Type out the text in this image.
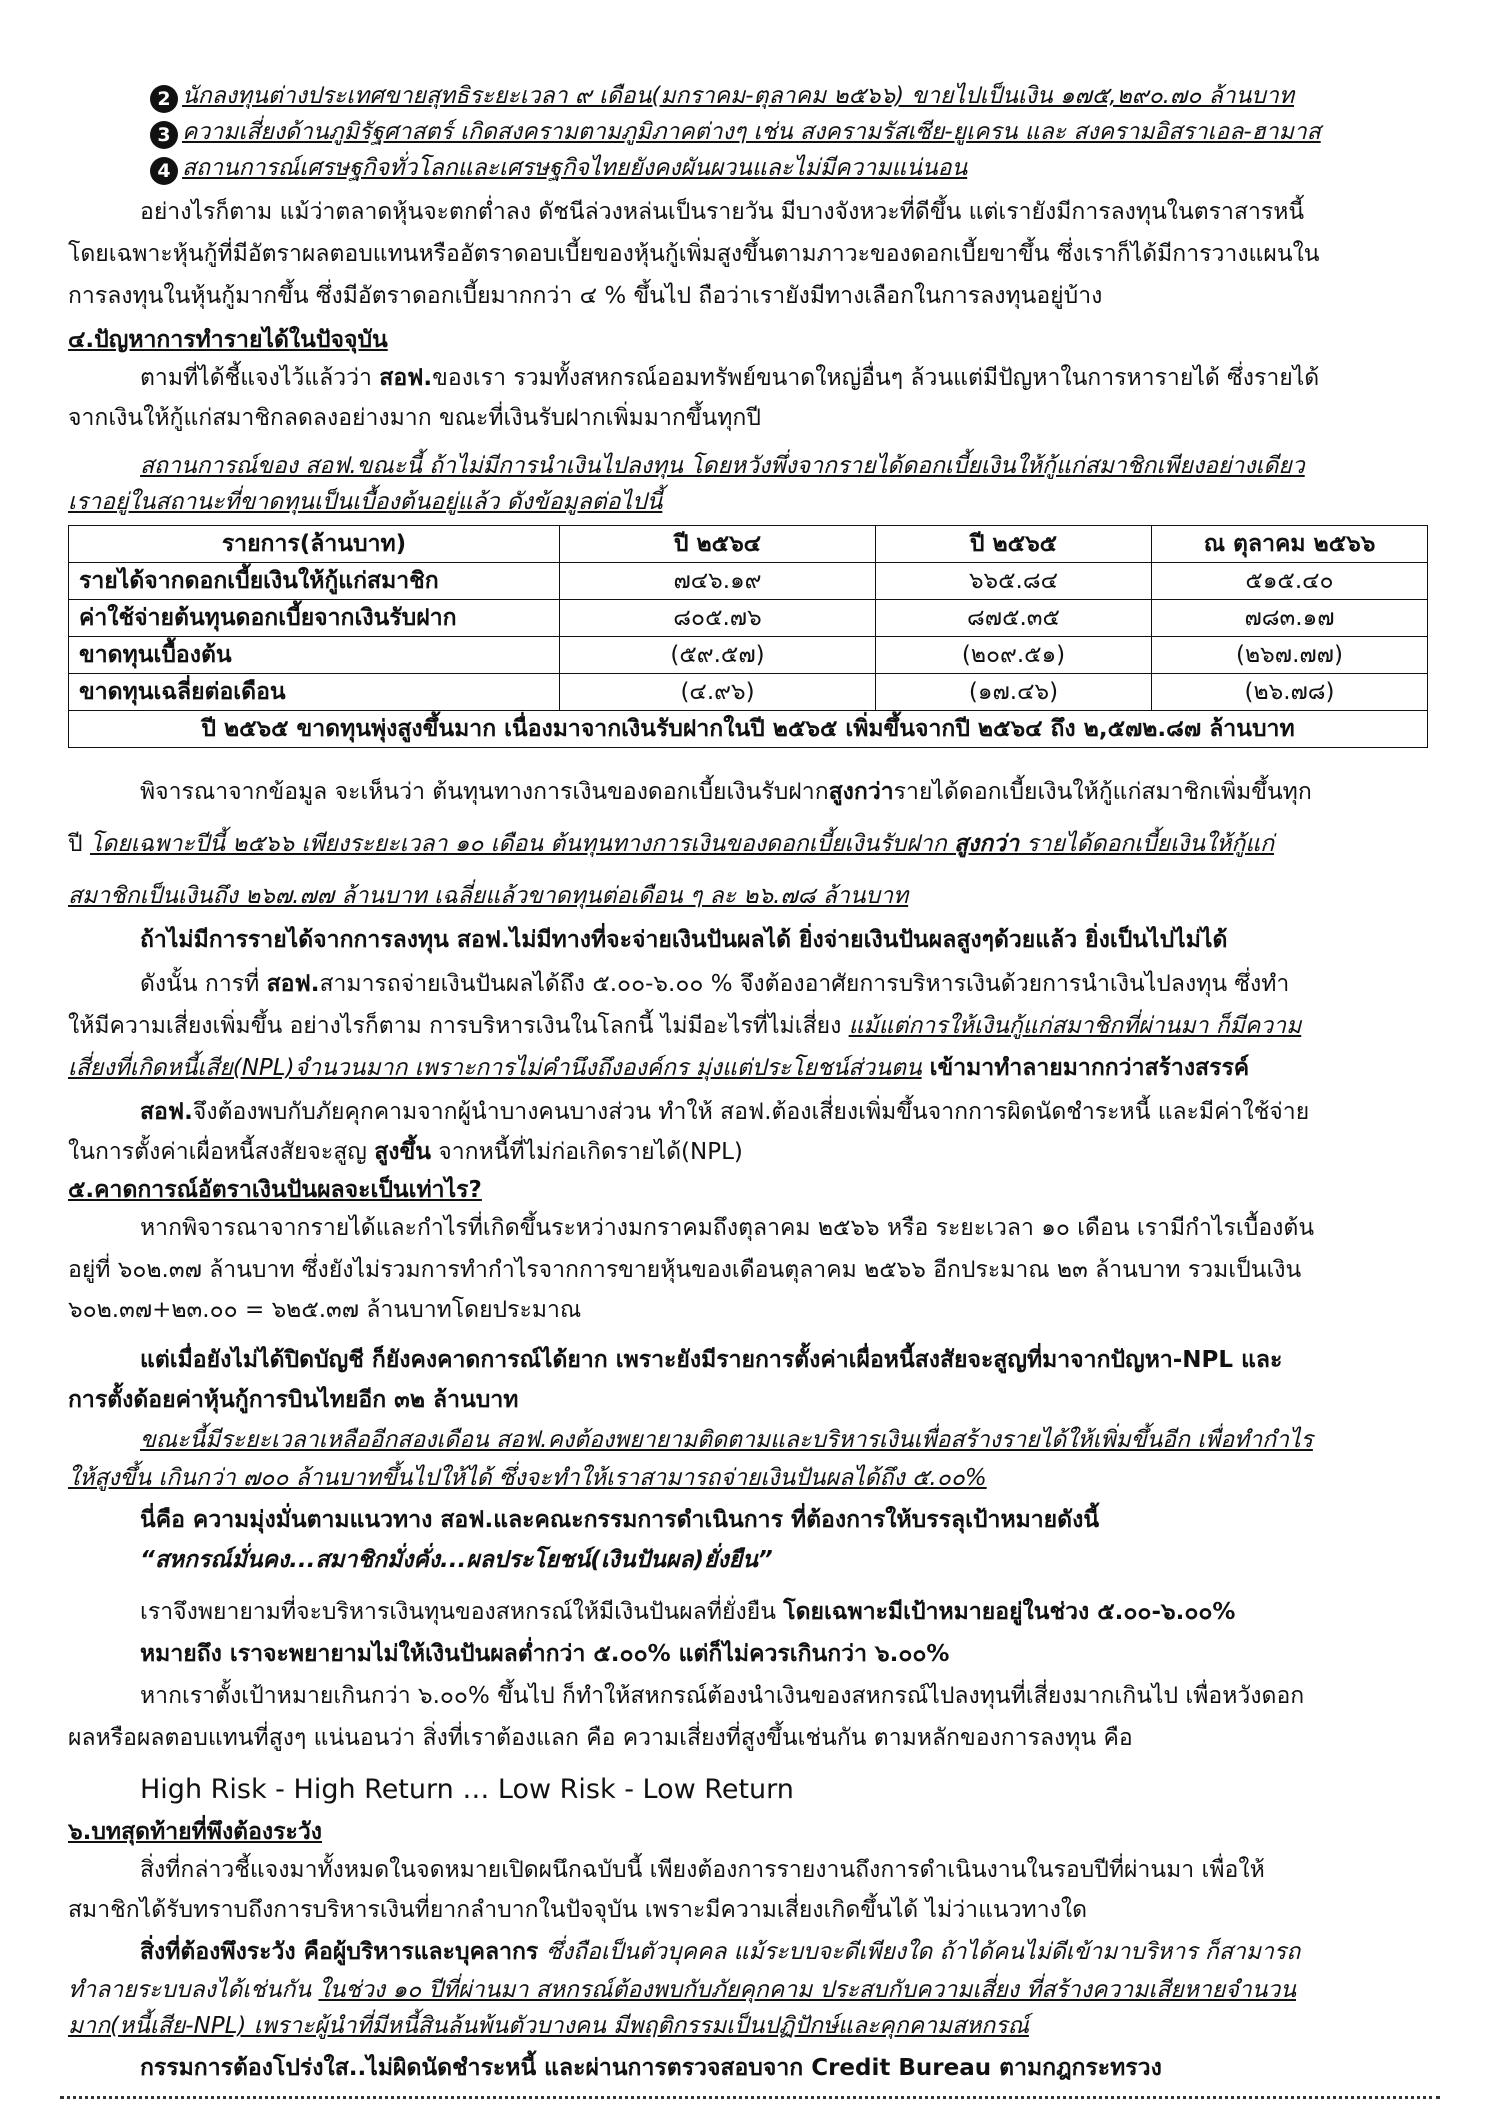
2 นักลงทุนต่างประเทศขายสุทธิระยะเวลา ๙ เดือน(มกราคม-ตุลาคม ๒๕๖๖) ขายไปเป็นเงิน ๑๗๕,๒๙๐.๗๐ ล้านบาท
3 ความเสี่ยงด้านภูมิรัฐศาสตร์ เกิดสงครามตามภูมิภาคต่างๆ เช่น สงครามรัสเซีย-ยูเครน และ สงครามอิสราเอล-ฮามาส
4 สถานการณ์เศรษฐกิจทั่วโลกและเศรษฐกิจไทยยังคงผันผวนและไม่มีความแน่นอน
อย่างไรก็ตาม แม้ว่าตลาดหุ้นจะตกต่ำลง ดัชนีล่วงหล่นเป็นรายวัน มีบางจังหวะที่ดีขึ้น แต่เรายังมีการลงทุนในตราสารหนี้
โดยเฉพาะหุ้นกู้ที่มีอัตราผลตอบแทนหรืออัตราดอบเบี้ยของหุ้นกู้เพิ่มสูงขึ้นตามภาวะของดอกเบี้ยขาขึ้น ซึ่งเราก็ได้มีการวางแผนใน
การลงทุนในหุ้นกู้มากขึ้น ซึ่งมีอัตราดอกเบี้ยมากกว่า ๔ % ขึ้นไป ถือว่าเรายังมีทางเลือกในการลงทุนอยู่บ้าง
๔.ปัญหาการทำรายได้ในปัจจุบัน
ตามที่ได้ชี้แจงไว้แล้วว่า สอฟ.ของเรา รวมทั้งสหกรณ์ออมทรัพย์ขนาดใหญ่อื่นๆ ล้วนแต่มีปัญหาในการหารายได้ ซึ่งรายได้
จากเงินให้กู้แก่สมาชิกลดลงอย่างมาก ขณะที่เงินรับฝากเพิ่มมากขึ้นทุกปี
สถานการณ์ของ สอฟ.ขณะนี้ ถ้าไม่มีการนำเงินไปลงทุน โดยหวังพึ่งจากรายได้ดอกเบี้ยเงินให้กู้แก่สมาชิกเพียงอย่างเดียว
เราอยู่ในสถานะที่ขาดทุนเป็นเบื้องต้นอยู่แล้ว ดังข้อมูลต่อไปนี้
รายการ(ล้านบาท)	ปี ๒๕๖๔	ปี ๒๕๖๕	ณ ตุลาคม ๒๕๖๖
รายได้จากดอกเบี้ยเงินให้กู้แก่สมาชิก	๗๔๖.๑๙	๖๖๕.๘๔	๕๑๕.๔๐
ค่าใช้จ่ายต้นทุนดอกเบี้ยจากเงินรับฝาก	๘๐๕.๗๖	๘๗๕.๓๕	๗๘๓.๑๗
ขาดทุนเบื้องต้น	(๕๙.๕๗)	(๒๐๙.๕๑)	(๒๖๗.๗๗)
ขาดทุนเฉลี่ยต่อเดือน	(๔.๙๖)	(๑๗.๔๖)	(๒๖.๗๘)
ปี ๒๕๖๕ ขาดทุนพุ่งสูงขึ้นมาก เนื่องมาจากเงินรับฝากในปี ๒๕๖๕ เพิ่มขึ้นจากปี ๒๕๖๔ ถึง ๒,๕๗๒.๘๗ ล้านบาท			
พิจารณาจากข้อมูล จะเห็นว่า ต้นทุนทางการเงินของดอกเบี้ยเงินรับฝากสูงกว่ารายได้ดอกเบี้ยเงินให้กู้แก่สมาชิกเพิ่มขึ้นทุก
ปี โดยเฉพาะปีนี้ ๒๕๖๖ เพียงระยะเวลา ๑๐ เดือน ต้นทุนทางการเงินของดอกเบี้ยเงินรับฝาก สูงกว่า รายได้ดอกเบี้ยเงินให้กู้แก่
สมาชิกเป็นเงินถึง ๒๖๗.๗๗ ล้านบาท เฉลี่ยแล้วขาดทุนต่อเดือน ๆ ละ ๒๖.๗๘ ล้านบาท
ถ้าไม่มีการรายได้จากการลงทุน สอฟ.ไม่มีทางที่จะจ่ายเงินปันผลได้ ยิ่งจ่ายเงินปันผลสูงๆด้วยแล้ว ยิ่งเป็นไปไม่ได้
ดังนั้น การที่ สอฟ.สามารถจ่ายเงินปันผลได้ถึง ๕.๐๐-๖.๐๐ % จึงต้องอาศัยการบริหารเงินด้วยการนำเงินไปลงทุน ซึ่งทำ
ให้มีความเสี่ยงเพิ่มขึ้น อย่างไรก็ตาม การบริหารเงินในโลกนี้ ไม่มีอะไรที่ไม่เสี่ยง แม้แต่การให้เงินกู้แก่สมาชิกที่ผ่านมา ก็มีความ
เสี่ยงที่เกิดหนี้เสีย(NPL)จำนวนมาก เพราะการไม่คำนึงถึงองค์กร มุ่งแต่ประโยชน์ส่วนตน เข้ามาทำลายมากกว่าสร้างสรรค์
สอฟ.จึงต้องพบกับภัยคุกคามจากผู้นำบางคนบางส่วน ทำให้ สอฟ.ต้องเสี่ยงเพิ่มขึ้นจากการผิดนัดชำระหนี้ และมีค่าใช้จ่าย
ในการตั้งค่าเผื่อหนี้สงสัยจะสูญ สูงขึ้น จากหนี้ที่ไม่ก่อเกิดรายได้(NPL)
๕.คาดการณ์อัตราเงินปันผลจะเป็นเท่าไร?
หากพิจารณาจากรายได้และกำไรที่เกิดขึ้นระหว่างมกราคมถึงตุลาคม ๒๕๖๖ หรือ ระยะเวลา ๑๐ เดือน เรามีกำไรเบื้องต้น
อยู่ที่ ๖๐๒.๓๗ ล้านบาท ซึ่งยังไม่รวมการทำกำไรจากการขายหุ้นของเดือนตุลาคม ๒๕๖๖ อีกประมาณ ๒๓ ล้านบาท รวมเป็นเงิน
๖๐๒.๓๗+๒๓.๐๐ = ๖๒๕.๓๗ ล้านบาทโดยประมาณ
แต่เมื่อยังไม่ได้ปิดบัญชี ก็ยังคงคาดการณ์ได้ยาก เพราะยังมีรายการตั้งค่าเผื่อหนี้สงสัยจะสูญที่มาจากปัญหา-NPL และ
การตั้งด้อยค่าหุ้นกู้การบินไทยอีก ๓๒ ล้านบาท
ขณะนี้มีระยะเวลาเหลืออีกสองเดือน สอฟ.คงต้องพยายามติดตามและบริหารเงินเพื่อสร้างรายได้ให้เพิ่มขึ้นอีก เพื่อทำกำไร
ให้สูงขึ้น เกินกว่า ๗๐๐ ล้านบาทขึ้นไปให้ได้ ซึ่งจะทำให้เราสามารถจ่ายเงินปันผลได้ถึง ๕.๐๐%
นี่คือ ความมุ่งมั่นตามแนวทาง สอฟ.และคณะกรรมการดำเนินการ ที่ต้องการให้บรรลุเป้าหมายดังนี้
“สหกรณ์มั่นคง...สมาชิกมั่งคั่ง...ผลประโยชน์(เงินปันผล)ยั่งยืน”
เราจึงพยายามที่จะบริหารเงินทุนของสหกรณ์ให้มีเงินปันผลที่ยั่งยืน โดยเฉพาะมีเป้าหมายอยู่ในช่วง ๕.๐๐-๖.๐๐%
หมายถึง เราจะพยายามไม่ให้เงินปันผลต่ำกว่า ๕.๐๐% แต่ก็ไม่ควรเกินกว่า ๖.๐๐%
หากเราตั้งเป้าหมายเกินกว่า ๖.๐๐% ขึ้นไป ก็ทำให้สหกรณ์ต้องนำเงินของสหกรณ์ไปลงทุนที่เสี่ยงมากเกินไป เพื่อหวังดอก
ผลหรือผลตอบแทนที่สูงๆ แน่นอนว่า สิ่งที่เราต้องแลก คือ ความเสี่ยงที่สูงขึ้นเช่นกัน ตามหลักของการลงทุน คือ
High Risk - High Return … Low Risk - Low Return
๖.บทสุดท้ายที่พึงต้องระวัง
สิ่งที่กล่าวชี้แจงมาทั้งหมดในจดหมายเปิดผนึกฉบับนี้ เพียงต้องการรายงานถึงการดำเนินงานในรอบปีที่ผ่านมา เพื่อให้
สมาชิกได้รับทราบถึงการบริหารเงินที่ยากลำบากในปัจจุบัน เพราะมีความเสี่ยงเกิดขึ้นได้ ไม่ว่าแนวทางใด
สิ่งที่ต้องพึงระวัง คือผู้บริหารและบุคลากร ซึ่งถือเป็นตัวบุคคล แม้ระบบจะดีเพียงใด ถ้าได้คนไม่ดีเข้ามาบริหาร ก็สามารถ
ทำลายระบบลงได้เช่นกัน ในช่วง ๑๐ ปีที่ผ่านมา สหกรณ์ต้องพบกับภัยคุกคาม ประสบกับความเสี่ยง ที่สร้างความเสียหายจำนวน
มาก(หนี้เสีย-NPL) เพราะผู้นำที่มีหนี้สินล้นพ้นตัวบางคน มีพฤติกรรมเป็นปฏิปักษ์และคุกคามสหกรณ์
กรรมการต้องโปร่งใส..ไม่ผิดนัดชำระหนี้ และผ่านการตรวจสอบจาก Credit Bureau ตามกฎกระทรวง
